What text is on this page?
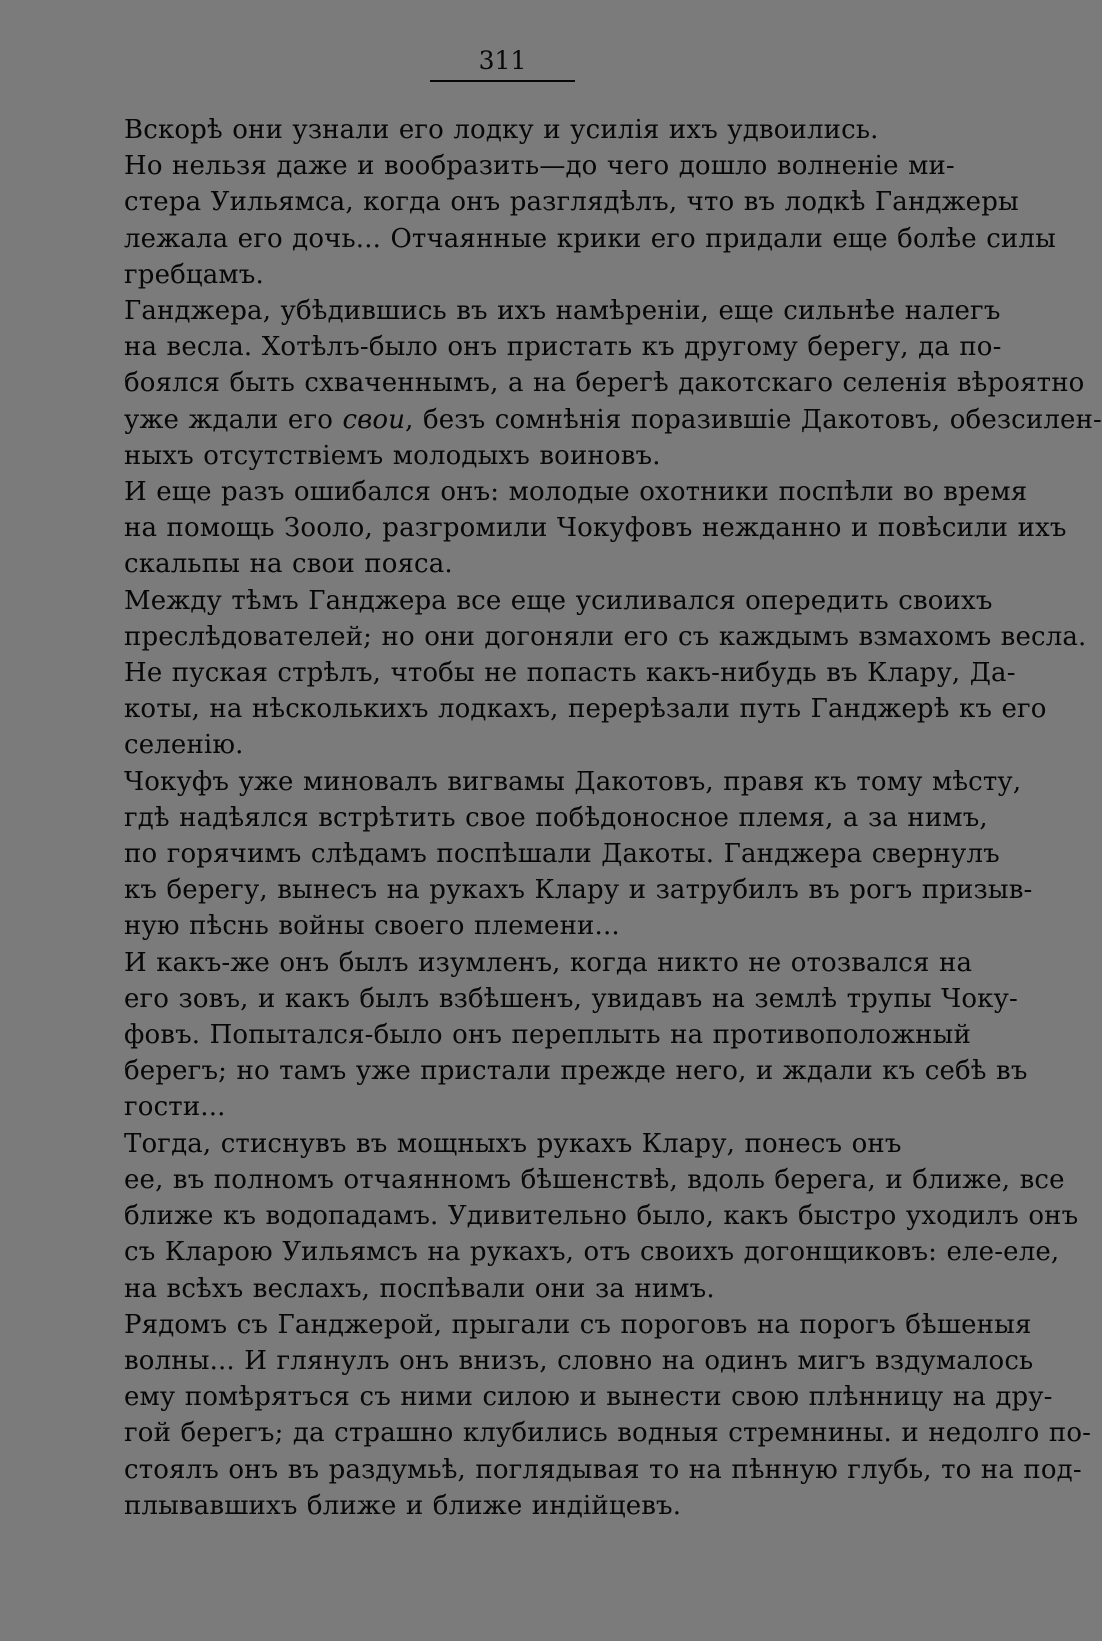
311

Вскорѣ они узнали его лодку и усилія ихъ удвоились.

Но нельзя даже и вообразить—до чего дошло волненіе ми-
стера Уильямса, когда онъ разглядѣлъ, что въ лодкѣ Ганджеры
лежала его дочь... Отчаянные крики его придали еще болѣе силы
гребцамъ.

Ганджера, убѣдившись въ ихъ намѣреніи, еще сильнѣе налегъ
на весла. Хотѣлъ-было онъ пристать къ другому берегу, да по-
боялся быть схваченнымъ, а на берегѣ дакотскаго селенія вѣроятно
уже ждали его свои, безъ сомнѣнія поразившіе Дакотовъ, обезсилен-
ныхъ отсутствіемъ молодыхъ воиновъ.

И еще разъ ошибался онъ: молодые охотники поспѣли во время
на помощь Зооло, разгромили Чокуфовъ нежданно и повѣсили ихъ
скальпы на свои пояса.

Между тѣмъ Ганджера все еще усиливался опередить своихъ
преслѣдователей; но они догоняли его съ каждымъ взмахомъ весла.
Не пуская стрѣлъ, чтобы не попасть какъ-нибудь въ Клару, Да-
коты, на нѣсколькихъ лодкахъ, перерѣзали путь Ганджерѣ къ его
селенію.

Чокуфъ уже миновалъ вигвамы Дакотовъ, правя къ тому мѣсту,
гдѣ надѣялся встрѣтить свое побѣдоносное племя, а за нимъ,
по горячимъ слѣдамъ поспѣшали Дакоты. Ганджера свернулъ
къ берегу, вынесъ на рукахъ Клару и затрубилъ въ рогъ призыв-
ную пѣснь войны своего племени...

И какъ-же онъ былъ изумленъ, когда никто не отозвался на
его зовъ, и какъ былъ взбѣшенъ, увидавъ на землѣ трупы Чоку-
фовъ. Попытался-было онъ переплыть на противоположный
берегъ; но тамъ уже пристали прежде него, и ждали къ себѣ въ
гости...

Тогда, стиснувъ въ мощныхъ рукахъ Клару, понесъ онъ
ее, въ полномъ отчаянномъ бѣшенствѣ, вдоль берега, и ближе, все
ближе къ водопадамъ. Удивительно было, какъ быстро уходилъ онъ
съ Кларою Уильямсъ на рукахъ, отъ своихъ догонщиковъ: еле-еле,
на всѣхъ веслахъ, поспѣвали они за нимъ.

Рядомъ съ Ганджерой, прыгали съ пороговъ на порогъ бѣшеныя
волны... И глянулъ онъ внизъ, словно на одинъ мигъ вздумалось
ему помѣрятъся съ ними силою и вынести свою плѣнницу на дру-
гой берегъ; да страшно клубились водныя стремнины. и недолго по-
стоялъ онъ въ раздумьѣ, поглядывая то на пѣнную глубь, то на под-
плывавшихъ ближе и ближе индійцевъ.
